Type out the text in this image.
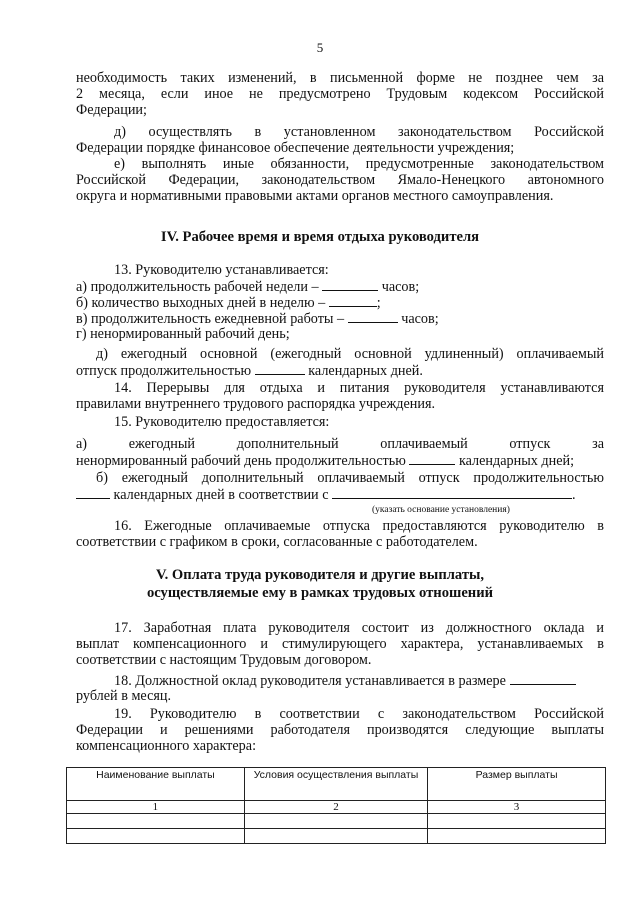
5
необходимость таких изменений, в письменной форме не позднее чем за
2 месяца, если иное не предусмотрено Трудовым кодексом Российской
Федерации;
д) осуществлять в установленном законодательством Российской
Федерации порядке финансовое обеспечение деятельности учреждения;
е) выполнять иные обязанности, предусмотренные законодательством
Российской Федерации, законодательством Ямало-Ненецкого автономного
округа и нормативными правовыми актами органов местного самоуправления.
IV. Рабочее время и время отдыха руководителя
13. Руководителю устанавливается:
а) продолжительность рабочей недели –	часов;
б) количество выходных дней в неделю –	;
в) продолжительность ежедневной работы –	часов;
г) ненормированный рабочий день;
д) ежегодный основной (ежегодный основной удлиненный) оплачиваемый
отпуск продолжительностью	календарных дней.
14. Перерывы для отдыха и питания руководителя устанавливаются
правилами внутреннего трудового распорядка учреждения.
15. Руководителю предоставляется:
а) ежегодный дополнительный оплачиваемый отпуск за
ненормированный рабочий день продолжительностью	календарных дней;
б) ежегодный дополнительный оплачиваемый отпуск продолжительностью
календарных дней в соответствии с	.
(указать основание установления)
16. Ежегодные оплачиваемые отпуска предоставляются руководителю в
соответствии с графиком в сроки, согласованные с работодателем.
V. Оплата труда руководителя и другие выплаты,
осуществляемые ему в рамках трудовых отношений
17. Заработная плата руководителя состоит из должностного оклада и
выплат компенсационного и стимулирующего характера, устанавливаемых в
соответствии с настоящим Трудовым договором.
18. Должностной оклад руководителя устанавливается в размере
рублей в месяц.
19. Руководителю в соответствии с законодательством Российской
Федерации и решениями работодателя производятся следующие выплаты
компенсационного характера:
Наименование выплаты	Условия осуществления выплаты	Размер выплаты
1	2	3
